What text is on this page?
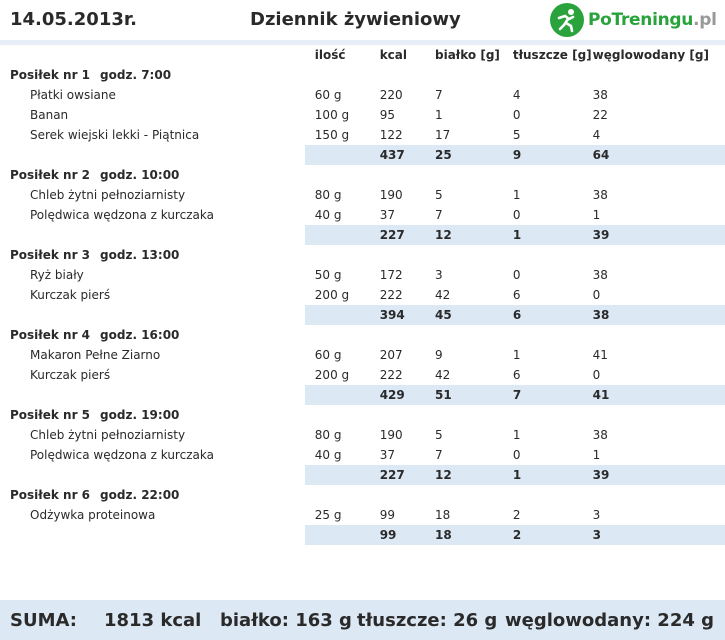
14.05.2013r.	Dziennik żywieniowy	PoTreningu.pl
	ilość	kcal	białko [g]	tłuszcze [g]	węglowodany [g]
Posiłek nr 1 godz. 7:00					
Płatki owsiane	60 g	220	7	4	38
Banan	100 g	95	1	0	22
Serek wiejski lekki - Piątnica	150 g	122	17	5	4
		437	25	9	64
Posiłek nr 2 godz. 10:00					
Chleb żytni pełnoziarnisty	80 g	190	5	1	38
Polędwica wędzona z kurczaka	40 g	37	7	0	1
		227	12	1	39
Posiłek nr 3 godz. 13:00					
Ryż biały	50 g	172	3	0	38
Kurczak pierś	200 g	222	42	6	0
		394	45	6	38
Posiłek nr 4 godz. 16:00					
Makaron Pełne Ziarno	60 g	207	9	1	41
Kurczak pierś	200 g	222	42	6	0
		429	51	7	41
Posiłek nr 5 godz. 19:00					
Chleb żytni pełnoziarnisty	80 g	190	5	1	38
Polędwica wędzona z kurczaka	40 g	37	7	0	1
		227	12	1	39
Posiłek nr 6 godz. 22:00					
Odżywka proteinowa	25 g	99	18	2	3
		99	18	2	3
SUMA: 1813 kcal białko: 163 g tłuszcze: 26 g węglowodany: 224 g
